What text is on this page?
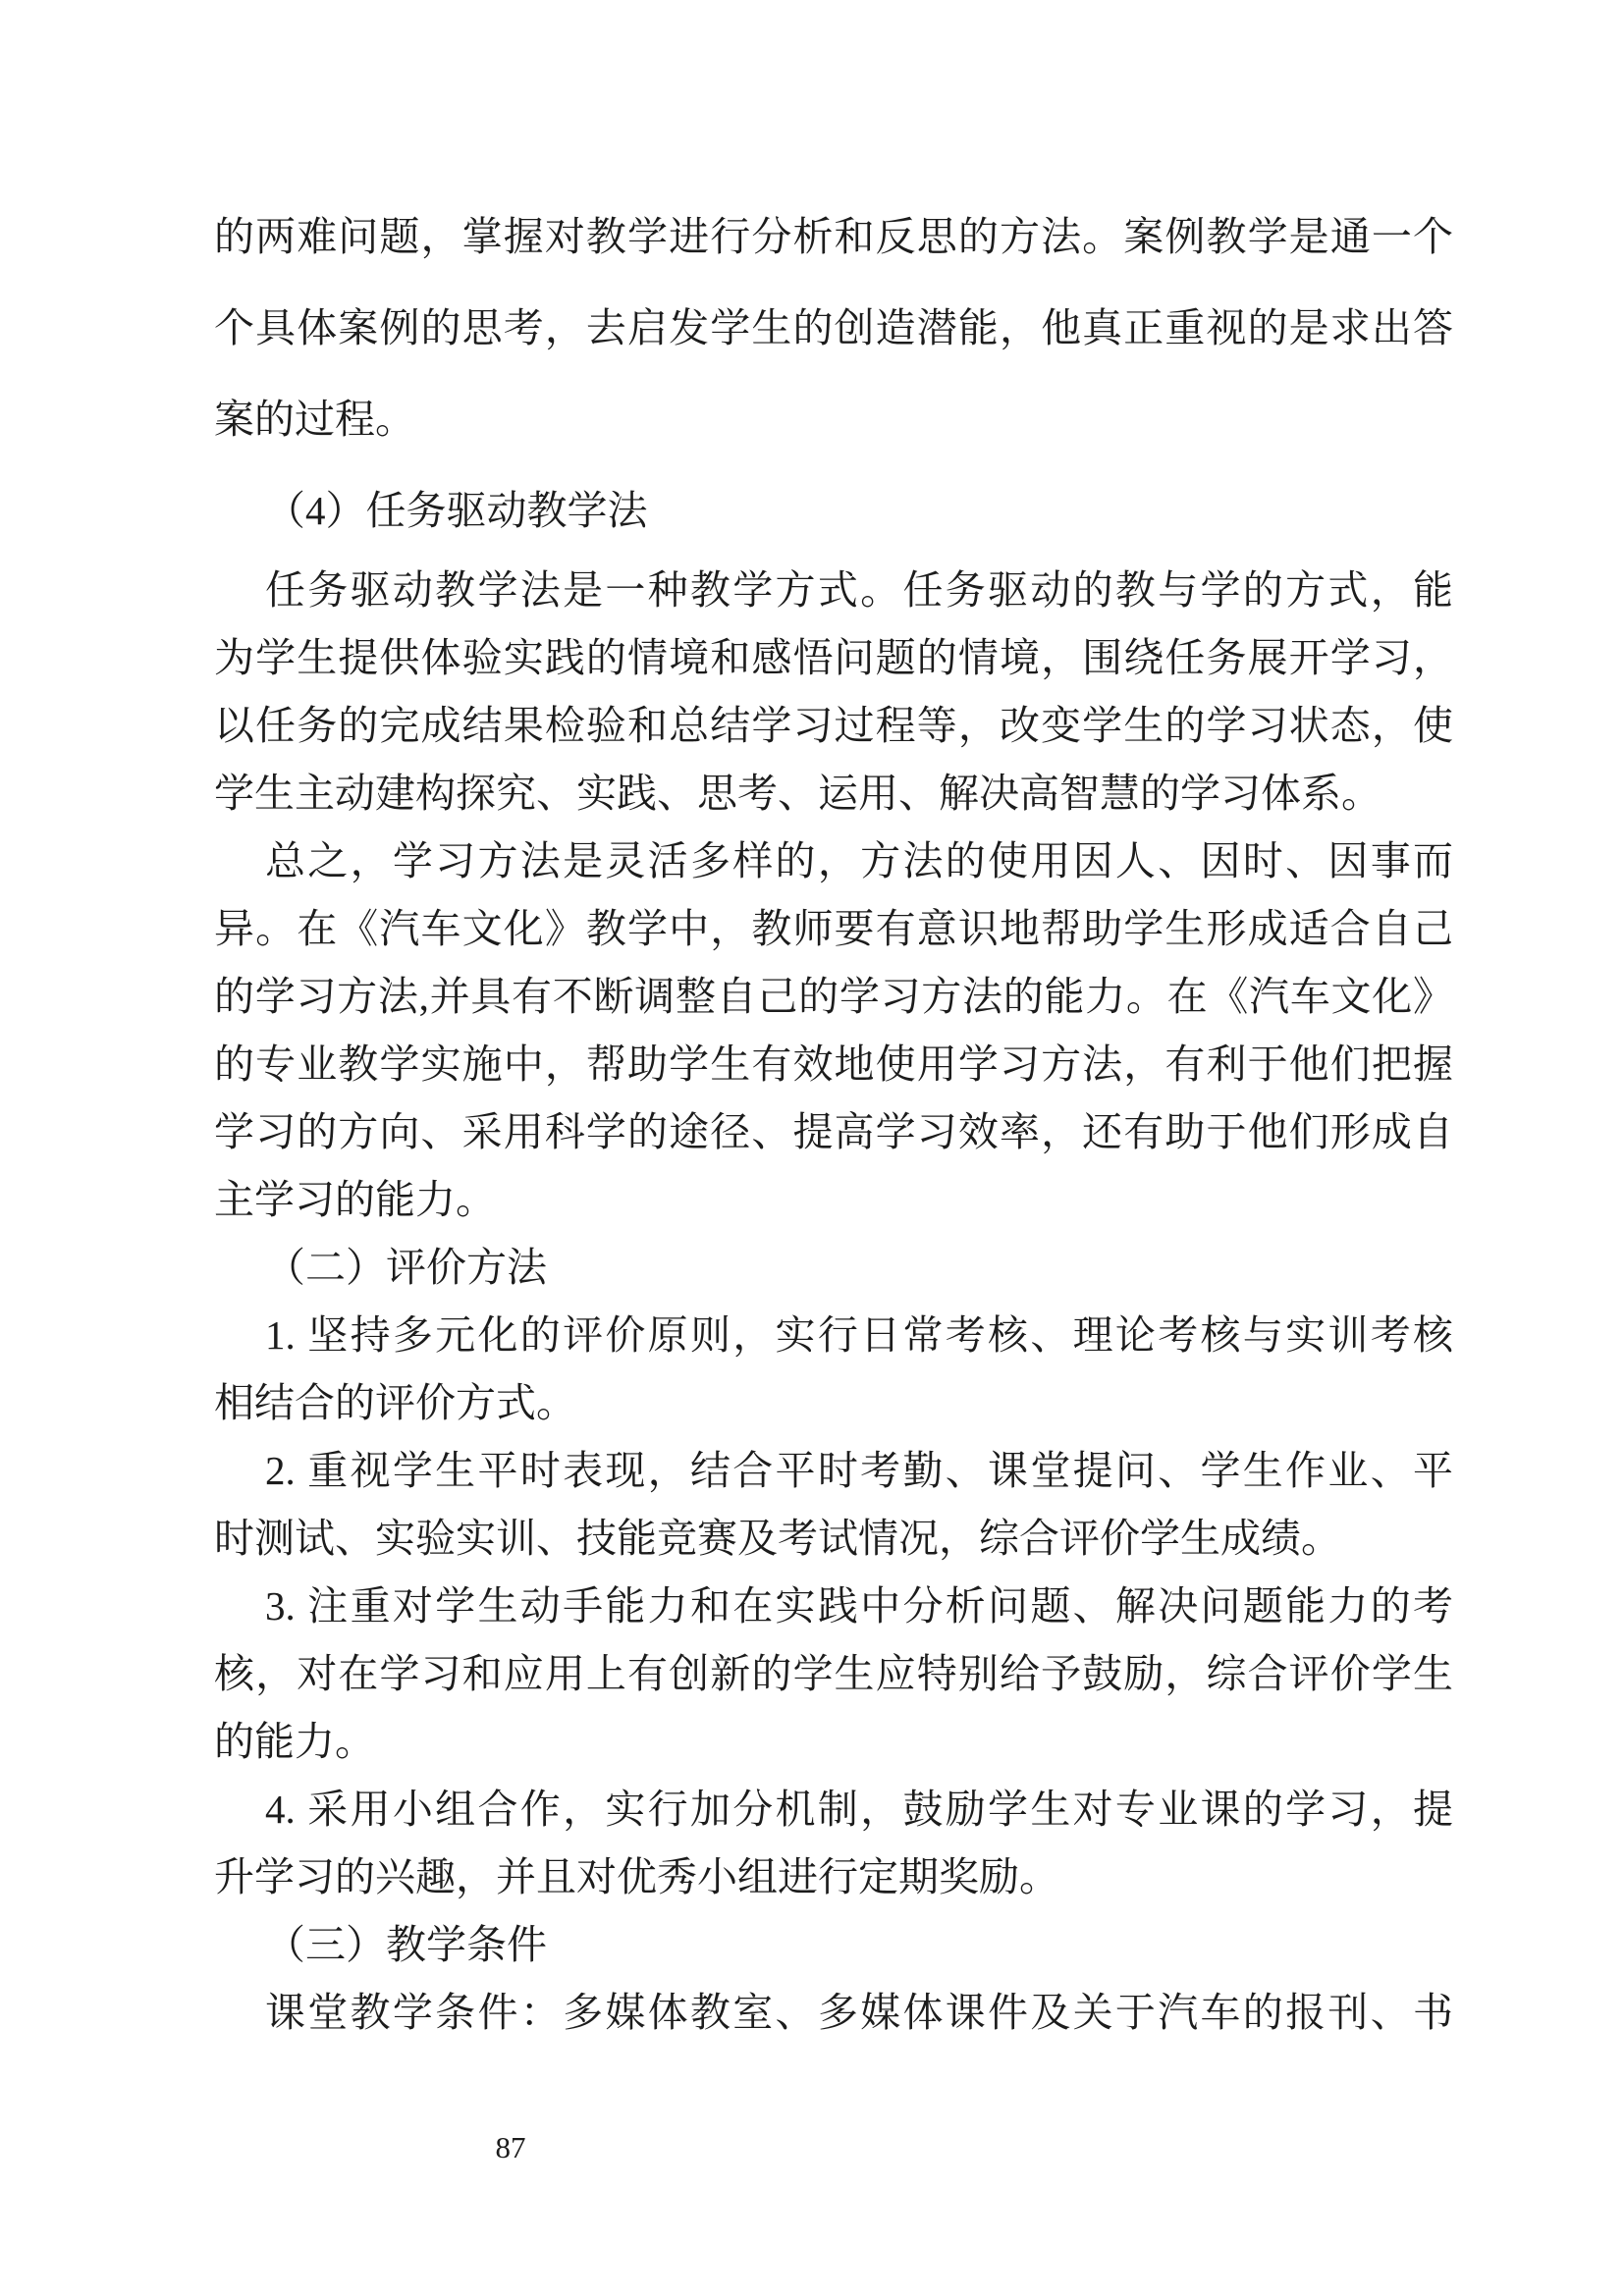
的两难问题，掌握对教学进行分析和反思的方法。案例教学是通一个
个具体案例的思考，去启发学生的创造潜能，他真正重视的是求出答
案的过程。
（4）任务驱动教学法
任务驱动教学法是一种教学方式。任务驱动的教与学的方式，能
为学生提供体验实践的情境和感悟问题的情境，围绕任务展开学习，
以任务的完成结果检验和总结学习过程等，改变学生的学习状态，使
学生主动建构探究、实践、思考、运用、解决高智慧的学习体系。
总之，学习方法是灵活多样的，方法的使用因人、因时、因事而
异。在《汽车文化》教学中，教师要有意识地帮助学生形成适合自己
的学习方法,并具有不断调整自己的学习方法的能力。在《汽车文化》
的专业教学实施中，帮助学生有效地使用学习方法，有利于他们把握
学习的方向、采用科学的途径、提高学习效率，还有助于他们形成自
主学习的能力。
（二）评价方法
1. 坚持多元化的评价原则，实行日常考核、理论考核与实训考核
相结合的评价方式。
2. 重视学生平时表现，结合平时考勤、课堂提问、学生作业、平
时测试、实验实训、技能竞赛及考试情况，综合评价学生成绩。
3. 注重对学生动手能力和在实践中分析问题、解决问题能力的考
核，对在学习和应用上有创新的学生应特别给予鼓励，综合评价学生
的能力。
4. 采用小组合作，实行加分机制，鼓励学生对专业课的学习，提
升学习的兴趣，并且对优秀小组进行定期奖励。
（三）教学条件
课堂教学条件：多媒体教室、多媒体课件及关于汽车的报刊、书
87
